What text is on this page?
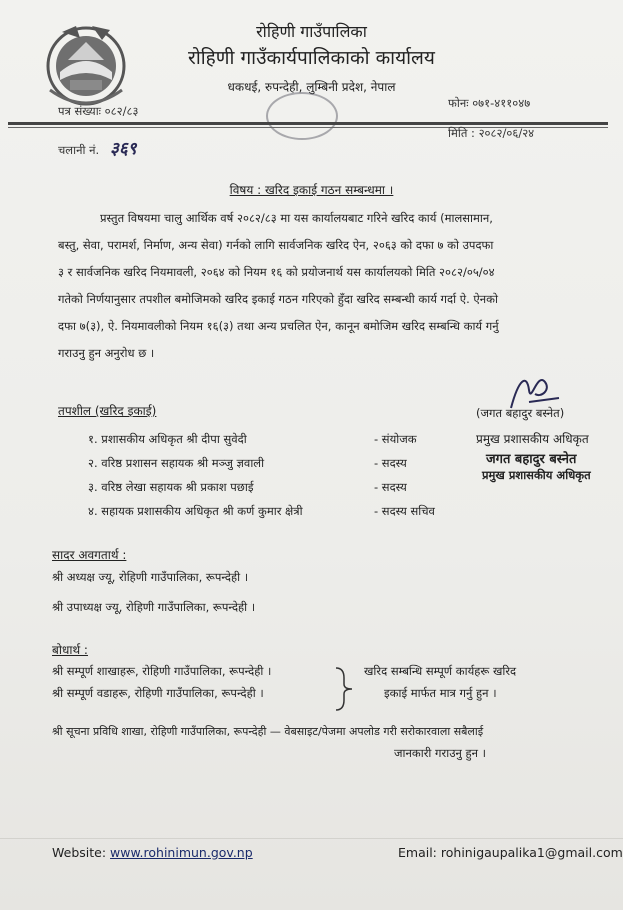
रोहिणी गाउँपालिका
रोहिणी गाउँकार्यपालिकाको कार्यालय
धकधई, रुपन्देही, लुम्बिनी प्रदेश, नेपाल
फोनः ०७१-४११०४७
पत्र संख्याः ०८२/८३
चलानी नं. ३६९
मिति : २०८२/०६/२४
विषय : खरिद इकाई गठन सम्बन्धमा ।
प्रस्तुत विषयमा चालु आर्थिक वर्ष २०८२/८३ मा यस कार्यालयबाट गरिने खरिद कार्य (मालसामान,
बस्तु, सेवा, परामर्श, निर्माण, अन्य सेवा) गर्नको लागि सार्वजनिक खरिद ऐन, २०६३ को दफा ७ को उपदफा
३ र सार्वजनिक खरिद नियमावली, २०६४ को नियम १६ को प्रयोजनार्थ यस कार्यालयको मिति २०८२/०५/०४
गतेको निर्णयानुसार तपशील बमोजिमको खरिद इकाई गठन गरिएको हुँदा खरिद सम्बन्धी कार्य गर्दा ऐ. ऐनको
दफा ७(३), ऐ. नियमावलीको नियम १६(३) तथा अन्य प्रचलित ऐन, कानून बमोजिम खरिद सम्बन्धि कार्य गर्नु
गराउनु हुन अनुरोध छ ।
तपशील (खरिद इकाई)
१. प्रशासकीय अधिकृत श्री दीपा सुवेदी	- संयोजक
२. वरिष्ठ प्रशासन सहायक श्री मञ्जु ज्ञवाली	- सदस्य
३. वरिष्ठ लेखा सहायक श्री प्रकाश पछाई	- सदस्य
४. सहायक प्रशासकीय अधिकृत श्री कर्ण कुमार क्षेत्री	- सदस्य सचिव
(जगत बहादुर बस्नेत)
प्रमुख प्रशासकीय अधिकृत
जगत बहादुर बस्नेत
प्रमुख प्रशासकीय अधिकृत
सादर अवगतार्थ :
श्री अध्यक्ष ज्यू, रोहिणी गाउँपालिका, रूपन्देही ।
श्री उपाध्यक्ष ज्यू, रोहिणी गाउँपालिका, रूपन्देही ।
बोधार्थ :
श्री सम्पूर्ण शाखाहरू, रोहिणी गाउँपालिका, रूपन्देही ।
श्री सम्पूर्ण वडाहरू, रोहिणी गाउँपालिका, रूपन्देही ।
खरिद सम्बन्धि सम्पूर्ण कार्यहरू खरिद
इकाई मार्फत मात्र गर्नु हुन ।
श्री सूचना प्रविधि शाखा, रोहिणी गाउँपालिका, रूपन्देही — वेबसाइट/पेजमा अपलोड गरी सरोकारवाला सबैलाई
जानकारी गराउनु हुन ।
Website: www.rohinimun.gov.np	Email: rohinigaupalika1@gmail.com
